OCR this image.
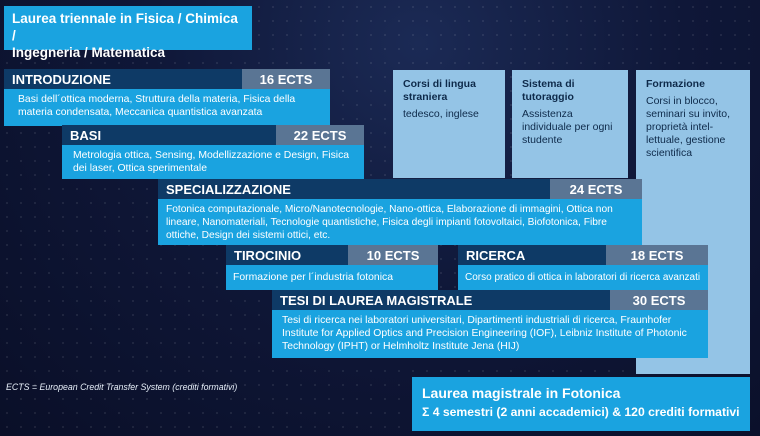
Laurea triennale in Fisica / Chimica /
Ingegneria / Matematica
Corsi di lingua straniera
tedesco, inglese
Sistema di tutoraggio
Assistenza individuale per ogni studente
Formazione
Corsi in blocco, seminari su invito, proprietà intel-lettuale, gestione scientifica
INTRODUZIONE	16 ECTS
Basi dell´ottica moderna, Struttura della materia, Fisica della materia condensata, Meccanica quantistica avanzata
BASI	22 ECTS
Metrologia ottica, Sensing, Modellizzazione e Design, Fisica dei laser, Ottica sperimentale
SPECIALIZZAZIONE	24 ECTS
Fotonica computazionale, Micro/Nanotecnologie, Nano-ottica, Elaborazione di immagini, Ottica non lineare, Nanomateriali, Tecnologie quantistiche, Fisica degli impianti fotovoltaici, Biofotonica, Fibre ottiche, Design dei sistemi ottici, etc.
TIROCINIO	10 ECTS
Formazione per l´industria fotonica
RICERCA	18 ECTS
Corso pratico di ottica in laboratori di ricerca avanzati
TESI DI LAUREA MAGISTRALE	30 ECTS
Tesi di ricerca nei laboratori universitari, Dipartimenti industriali di ricerca, Fraunhofer Institute for Applied Optics and Precision Engineering (IOF), Leibniz Institute of Photonic Technology (IPHT) or Helmholtz Institute Jena (HIJ)
ECTS = European Credit Transfer System (crediti formativi)	Laurea magistrale in Fotonica
Σ 4 semestri (2 anni accademici) & 120 crediti formativi
